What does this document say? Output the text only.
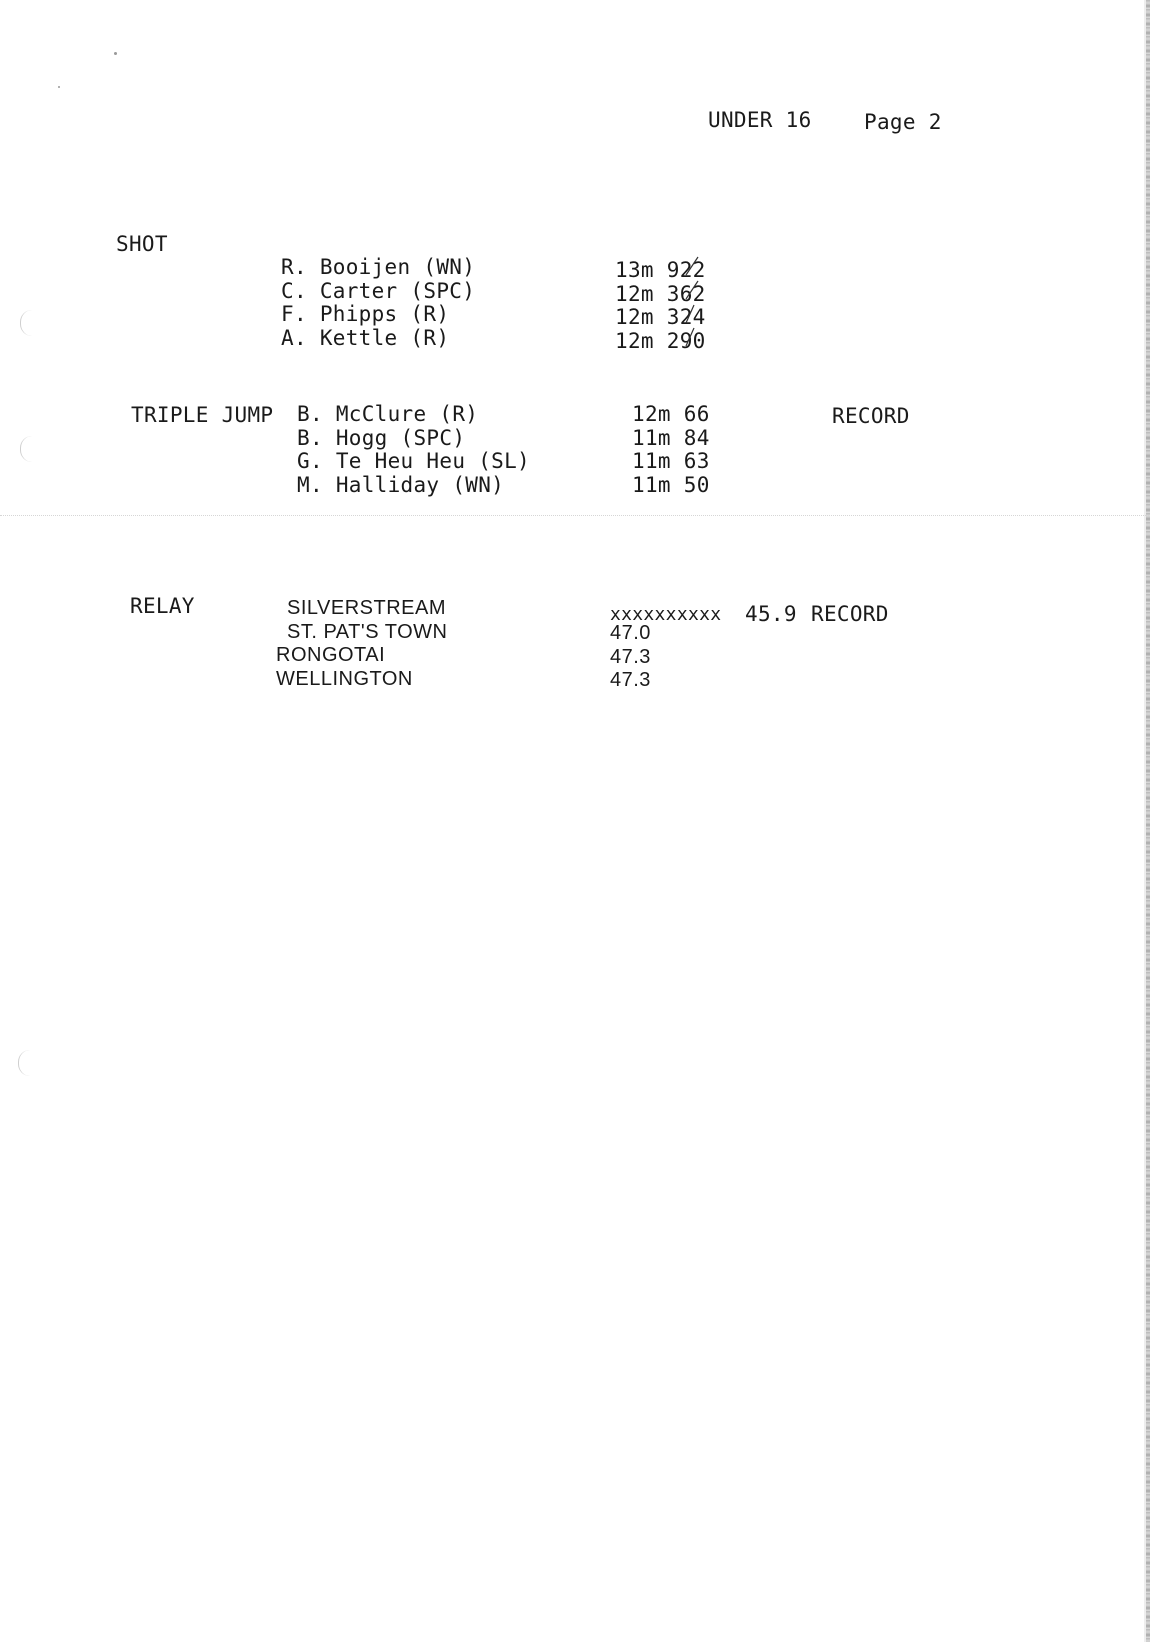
UNDER 16 Page 2
SHOT
R. Booijen (WN)
C. Carter (SPC)
F. Phipps (R)
A. Kettle (R)
13m 922
12m 362
12m 324
12m 290
TRIPLE JUMP B. McClure (R)
B. Hogg (SPC)
G. Te Heu Heu (SL)
M. Halliday (WN)
12m 66
11m 84
11m 63
11m 50
RECORD
RELAY	SILVERSTREAM
ST. PAT'S TOWN
RONGOTAI
WELLINGTON
xxxxxxxxxx 45.9 RECORD
47.0
47.3
47.3
